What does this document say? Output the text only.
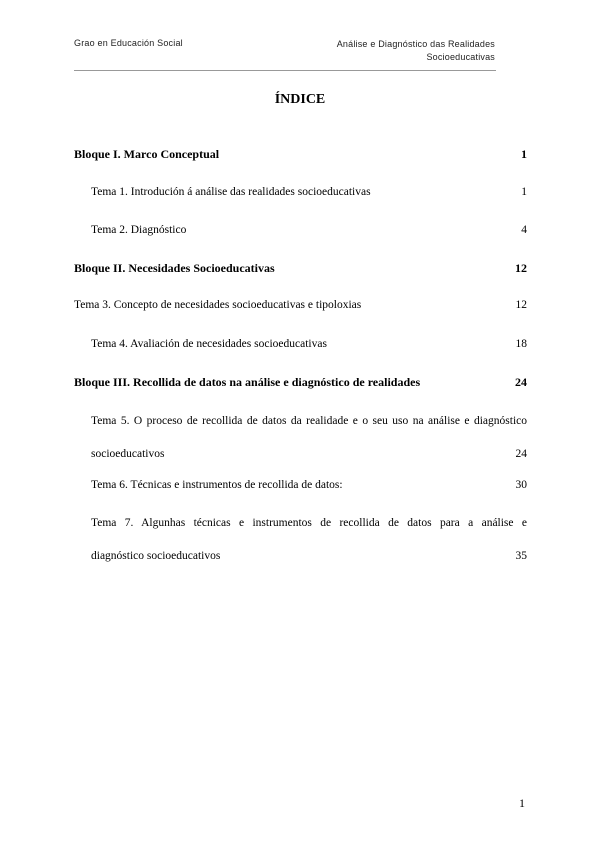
Grao en Educación Social	Análise e Diagnóstico das Realidades
Socioeducativas
ÍNDICE
Bloque I. Marco Conceptual	1
Tema 1. Introdución á análise das realidades socioeducativas	1
Tema 2. Diagnóstico	4
Bloque II. Necesidades Socioeducativas	12
Tema 3. Concepto de necesidades socioeducativas e tipoloxias	12
Tema 4. Avaliación de necesidades socioeducativas	18
Bloque III. Recollida de datos na análise e diagnóstico de realidades	24
Tema 5. O proceso de recollida de datos da realidade e o seu uso na análise e diagnóstico
socioeducativos	24
Tema 6. Técnicas e instrumentos de recollida de datos:	30
Tema 7. Algunhas técnicas e instrumentos de recollida de datos para a análise e
diagnóstico socioeducativos	35
1
